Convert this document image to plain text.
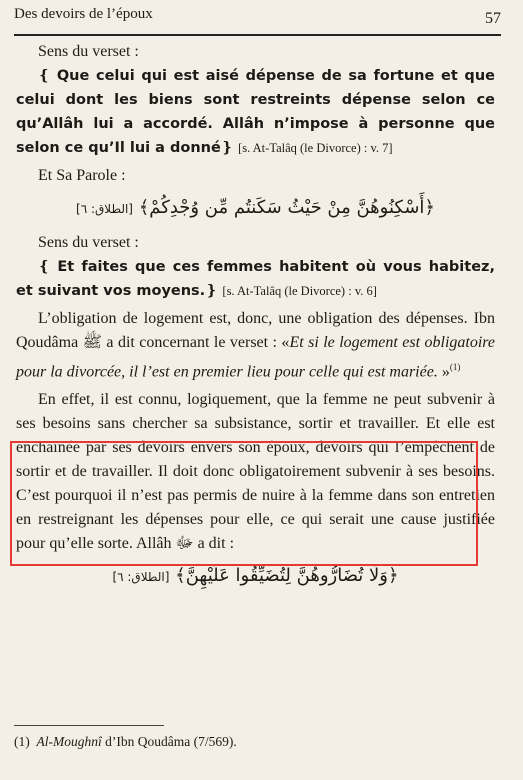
Des devoirs de l’époux	57

Sens du verset :

❴ Que celui qui est aisé dépense de sa fortune et que celui dont les biens sont restreints dépense selon ce qu’Allâh lui a accordé. Allâh n’impose à personne que selon ce qu’Il lui a donné❵ [s. At-Talâq (le Divorce) : v. 7]

Et Sa Parole :

﴿أَسْكِنُوهُنَّ مِنْ حَيْثُ سَكَنتُم مِّن وُجْدِكُمْ﴾ [الطلاق: ٦]

Sens du verset :

❴ Et faites que ces femmes habitent où vous habitez, et suivant vos moyens.❵ [s. At-Talâq (le Divorce) : v. 6]

L’obligation de logement est, donc, une obligation des dépenses. Ibn Qoudâma ﷺ a dit concernant le verset : «Et si le logement est obligatoire pour la divorcée, il l’est en premier lieu pour celle qui est mariée. »$^{(1)}$

En effet, il est connu, logiquement, que la femme ne peut subvenir à ses besoins sans chercher sa subsistance, sortir et travailler. Et elle est enchaînée par ses devoirs envers son époux, devoirs qui l’empêchent de sortir et de travailler. Il doit donc obligatoirement subvenir à ses besoins. C’est pourquoi il n’est pas permis de nuire à la femme dans son entretien en restreignant les dépenses pour elle, ce qui serait une cause justifiée pour qu’elle sorte. Allâh ﷻ a dit :

﴿وَلَا تُضَارُّوهُنَّ لِتُضَيِّقُوا عَلَيْهِنَّ﴾ [الطلاق: ٦]

(1) Al-Moughnî d’Ibn Qoudâma (7/569).
